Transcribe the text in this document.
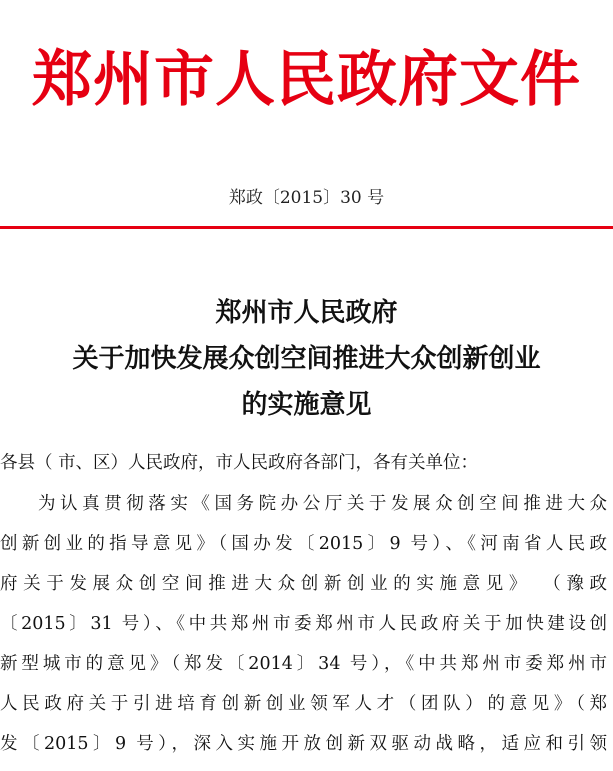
郑州市人民政府文件
郑政〔2015〕30 号
郑州市人民政府
关于加快发展众创空间推进大众创新创业
的实施意见
各县（ 市、区）人民政府，市人民政府各部门，各有关单位：
为认真贯彻落实《国务院办公厅关于发展众创空间推进大众
创新创业的指导意见》（国办发〔2015〕9 号）、《河南省人民政
府关于发展众创空间推进大众创新创业的实施意见》 （豫政
〔2015〕31 号）、《中共郑州市委郑州市人民政府关于加快建设创
新型城市的意见》（郑发〔2014〕34 号），《中共郑州市委郑州市
人民政府关于引进培育创新创业领军人才（团队）的意见》（郑
发〔2015〕9 号），深入实施开放创新双驱动战略，适应和引领
